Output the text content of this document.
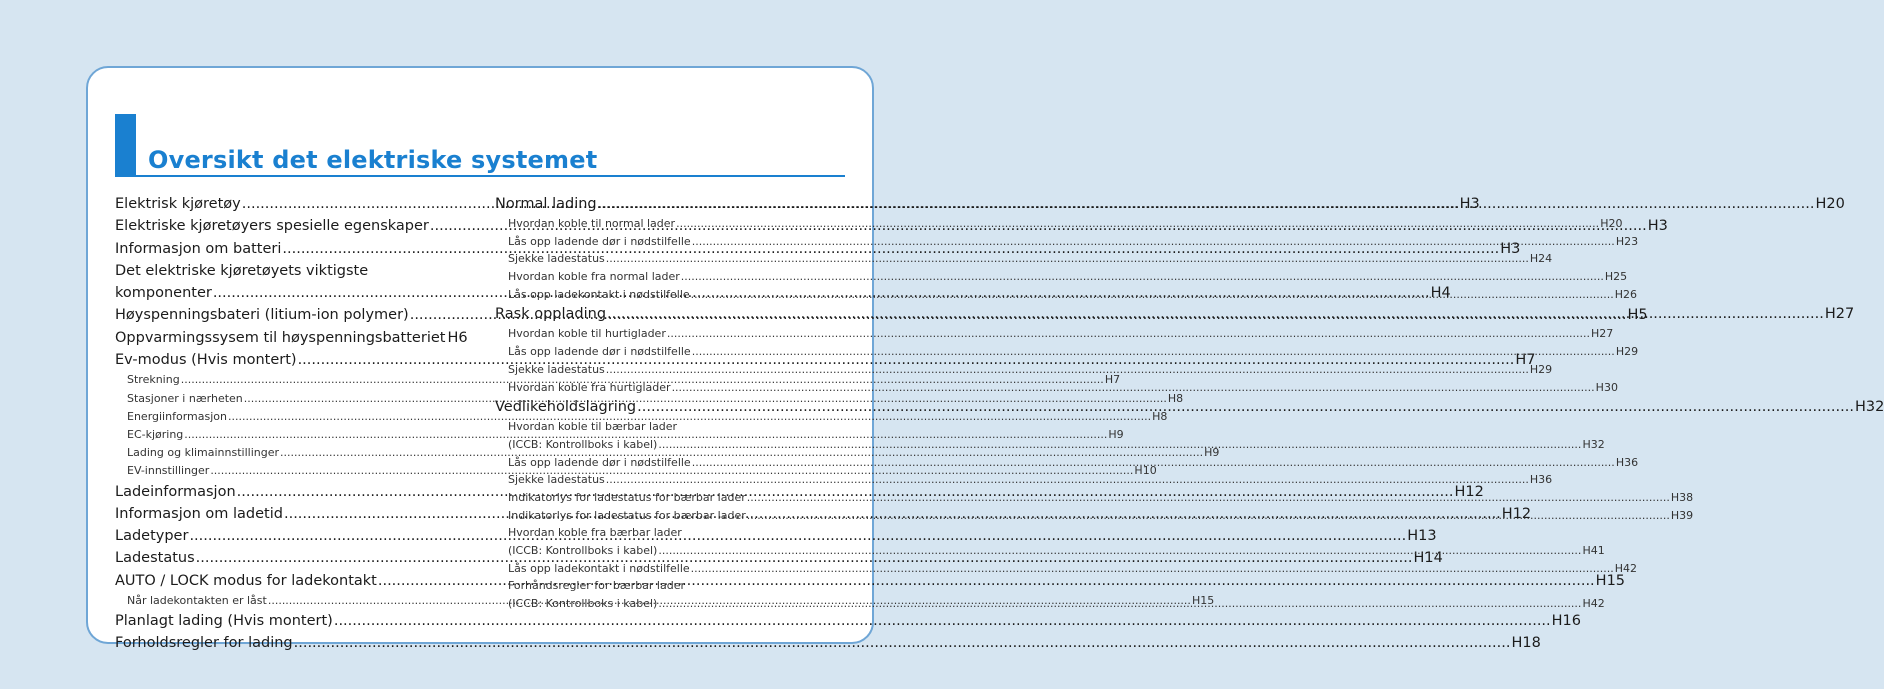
Oversikt det elektriske systemet
Elektrisk kjøretøy .....	H3
Elektriske kjøretøyers spesielle egenskaper .....	H3
Informasjon om batteri .....	H3
Det elektriske kjøretøyets viktigste
komponenter .....	H4
Høyspenningsbateri (litium-ion polymer) .....	H5
Oppvarmingssysem til høyspenningsbatteriet H6
Ev-modus (Hvis montert) .....	H7
Strekning .....	H7
Stasjoner i nærheten .....	H8
Energiinformasjon .....	H8
EC-kjøring .....	H9
Lading og klimainnstillinger .....	H9
EV-innstillinger .....	H10
Ladeinformasjon .....	H12
Informasjon om ladetid .....	H12
Ladetyper .....	H13
Ladestatus .....	H14
AUTO / LOCK modus for ladekontakt .....	H15
Når ladekontakten er låst .....	H15
Planlagt lading (Hvis montert) .....	H16
Forholdsregler for lading .....	H18
Normal lading .....	H20
Hvordan koble til normal lader .....	H20
Lås opp ladende dør i nødstilfelle .....	H23
Sjekke ladestatus .....	H24
Hvordan koble fra normal lader .....	H25
Lås opp ladekontakt i nødstilfelle .....	H26
Rask opplading .....	H27
Hvordan koble til hurtiglader .....	H27
Lås opp ladende dør i nødstilfelle .....	H29
Sjekke ladestatus .....	H29
Hvordan koble fra hurtiglader .....	H30
Vedlikeholdslagring .....	H32
Hvordan koble til bærbar lader
(ICCB: Kontrollboks i kabel) .....	H32
Lås opp ladende dør i nødstilfelle .....	H36
Sjekke ladestatus .....	H36
Indikatorlys for ladestatus for bærbar lader .....	H38
Indikatorlys for ladestatus for bærbar lader .....	H39
Hvordan koble fra bærbar lader
(ICCB: Kontrollboks i kabel) .....	H41
Lås opp ladekontakt i nødstilfelle .....	H42
Forhåndsregler for bærbar lader
(ICCB: Kontrollboks i kabel) .....	H42
